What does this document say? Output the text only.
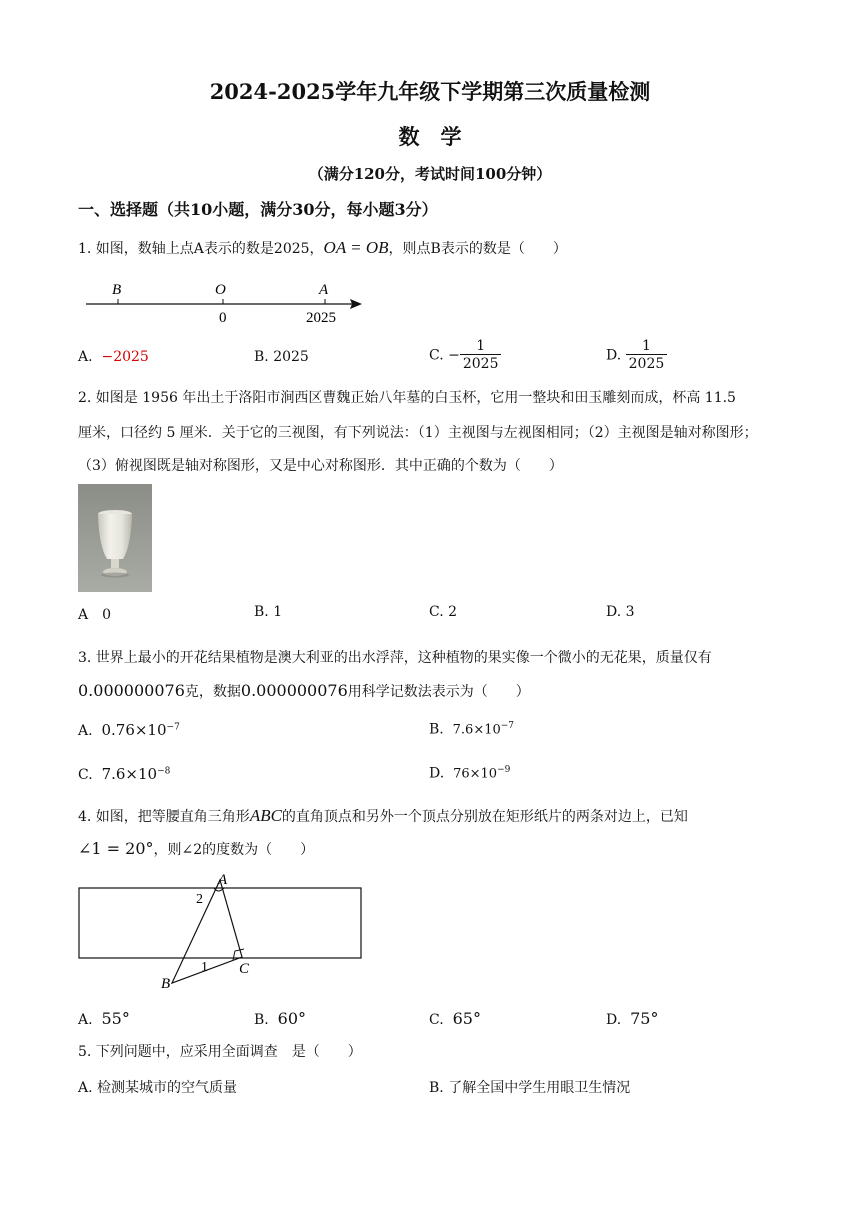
2024-2025学年九年级下学期第三次质量检测
数　学
（满分120分，考试时间100分钟）
一、选择题（共10小题，满分30分，每小题3分）
1. 如图，数轴上点A表示的数是2025，OA = OB，则点B表示的数是（　　）
B	O	A
0	2025
A. −2025	B. 2025	C. − $\frac{1}{2025}$	D. $\frac{1}{2025}$
2. 如图是 1956 年出土于洛阳市涧西区曹魏正始八年墓的白玉杯，它用一整块和田玉雕刻而成，杯高 11.5
厘米，口径约 5 厘米．关于它的三视图，有下列说法：（1）主视图与左视图相同；（2）主视图是轴对称图形；
（3）俯视图既是轴对称图形，又是中心对称图形．其中正确的个数为（　　）
A　0	B. 1	C. 2	D. 3
3. 世界上最小的开花结果植物是澳大利亚的出水浮萍，这种植物的果实像一个微小的无花果，质量仅有
0.000000076克，数据0.000000076用科学记数法表示为（　　）
A. $0.76\times 10^{-7}$	B. $7.6\times 10^{-7}$
C. $7.6\times 10^{-8}$	D. $76\times 10^{-9}$
4. 如图，把等腰直角三角形ABC的直角顶点和另外一个顶点分别放在矩形纸片的两条对边上，已知
∠1 = 20°，则∠2的度数为（　　）
A
B
C
1
2
A. 55°	B. 60°	C. 65°	D. 75°
5. 下列问题中，应采用全面调查　是（　　）
A. 检测某城市的空气质量	B. 了解全国中学生用眼卫生情况
